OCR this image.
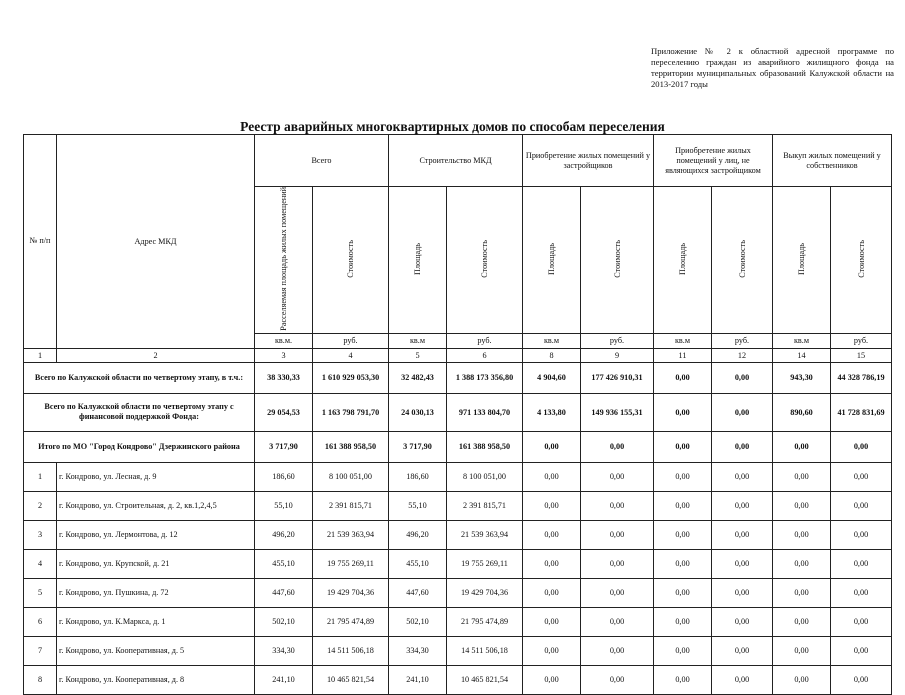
Приложение № 2 к областной адресной программе по переселению граждан из аварийного жилищного фонда на территории муниципальных образований Калужской области на 2013-2017 годы
Реестр аварийных многоквартирных домов по способам переселения
№ п/п	Адрес МКД	Всего		Строительство МКД		Приобретение жилых помещений у застройщиков		Приобретение жилых помещений у лиц, не являющихся застройщиком		Выкуп жилых помещений у собственников	
		Расселяемая площадь жилых помещений	Стоимость	Площадь	Стоимость	Площадь	Стоимость	Площадь	Стоимость	Площадь	Стоимость
		кв.м.	руб.	кв.м	руб.	кв.м	руб.	кв.м	руб.	кв.м	руб.
1	2	3	4	5	6	8	9	11	12	14	15
Всего по Калужской области по четвертому этапу, в т.ч.:		38 330,33	1 610 929 053,30	32 482,43	1 388 173 356,80	4 904,60	177 426 910,31	0,00	0,00	943,30	44 328 786,19
Всего по Калужской области по четвертому этапу с финансовой поддержкой Фонда:		29 054,53	1 163 798 791,70	24 030,13	971 133 804,70	4 133,80	149 936 155,31	0,00	0,00	890,60	41 728 831,69
Итого по МО "Город Кондрово" Дзержинского района		3 717,90	161 388 958,50	3 717,90	161 388 958,50	0,00	0,00	0,00	0,00	0,00	0,00
1	г. Кондрово, ул. Лесная, д. 9	186,60	8 100 051,00	186,60	8 100 051,00	0,00	0,00	0,00	0,00	0,00	0,00
2	г. Кондрово, ул. Строительная, д. 2, кв.1,2,4,5	55,10	2 391 815,71	55,10	2 391 815,71	0,00	0,00	0,00	0,00	0,00	0,00
3	г. Кондрово, ул. Лермонтова, д. 12	496,20	21 539 363,94	496,20	21 539 363,94	0,00	0,00	0,00	0,00	0,00	0,00
4	г. Кондрово, ул. Крупской, д. 21	455,10	19 755 269,11	455,10	19 755 269,11	0,00	0,00	0,00	0,00	0,00	0,00
5	г. Кондрово, ул. Пушкина, д. 72	447,60	19 429 704,36	447,60	19 429 704,36	0,00	0,00	0,00	0,00	0,00	0,00
6	г. Кондрово, ул. К.Маркса, д. 1	502,10	21 795 474,89	502,10	21 795 474,89	0,00	0,00	0,00	0,00	0,00	0,00
7	г. Кондрово, ул. Кооперативная, д. 5	334,30	14 511 506,18	334,30	14 511 506,18	0,00	0,00	0,00	0,00	0,00	0,00
8	г. Кондрово, ул. Кооперативная, д. 8	241,10	10 465 821,54	241,10	10 465 821,54	0,00	0,00	0,00	0,00	0,00	0,00
